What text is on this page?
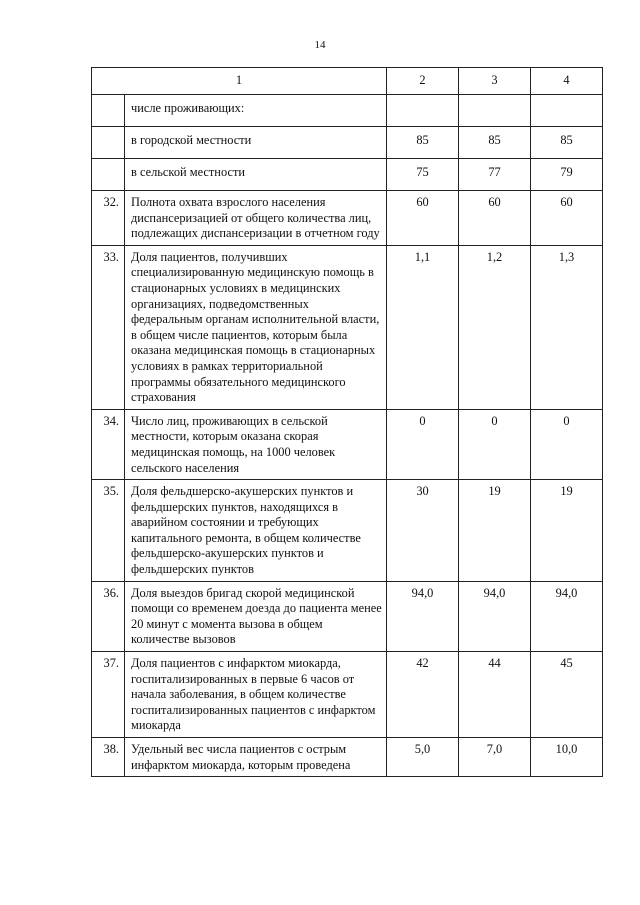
14
1		2	3	4
	числе проживающих:			
	в городской местности	85	85	85
	в сельской местности	75	77	79
32.	Полнота охвата взрослого населения диспансеризацией от общего количества лиц, подлежащих диспансеризации в отчетном году	60	60	60
33.	Доля пациентов, получивших специализированную медицинскую помощь в стационарных условиях в медицинских организациях, подведомственных федеральным органам исполнительной власти, в общем числе пациентов, которым была оказана медицинская помощь в стационарных условиях в рамках территориальной программы обязательного медицинского страхования	1,1	1,2	1,3
34.	Число лиц, проживающих в сельской местности, которым оказана скорая медицинская помощь, на 1000 человек сельского населения	0	0	0
35.	Доля фельдшерско-акушерских пунктов и фельдшерских пунктов, находящихся в аварийном состоянии и требующих капитального ремонта, в общем количестве фельдшерско-акушерских пунктов и фельдшерских пунктов	30	19	19
36.	Доля выездов бригад скорой медицинской помощи со временем доезда до пациента менее 20 минут с момента вызова в общем количестве вызовов	94,0	94,0	94,0
37.	Доля пациентов с инфарктом миокарда, госпитализированных в первые 6 часов от начала заболевания, в общем количестве госпитализированных пациентов с инфарктом миокарда	42	44	45
38.	Удельный вес числа пациентов с острым инфарктом миокарда, которым проведена	5,0	7,0	10,0
